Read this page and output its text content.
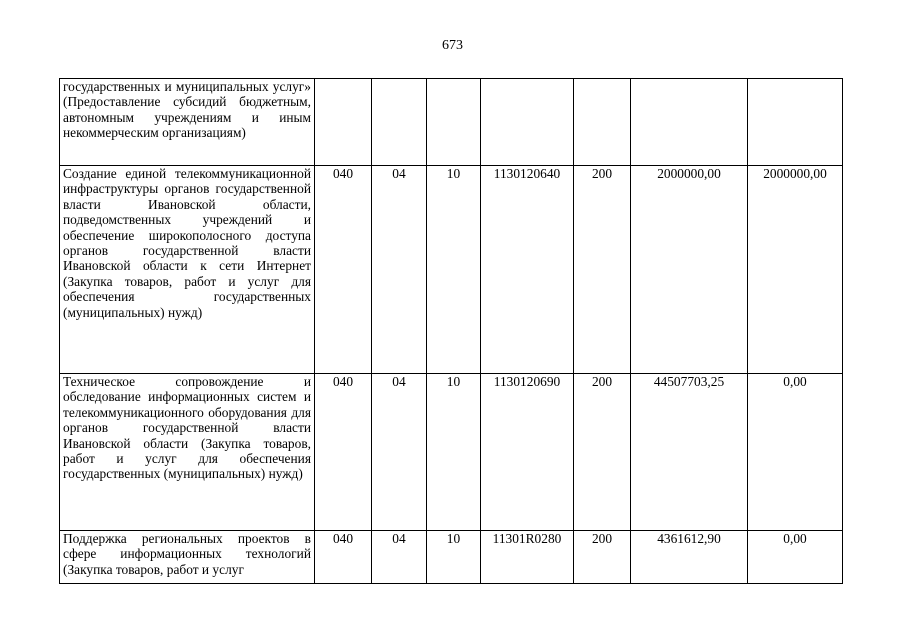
673
государственных и муниципальных услуг» (Предоставление субсидий бюджетным, автономным учреждениям и иным некоммерческим организациям)							
Создание единой телекоммуникационной инфраструктуры органов государственной власти Ивановской области, подведомственных учреждений и обеспечение широкополосного доступа органов государственной власти Ивановской области к сети Интернет (Закупка товаров, работ и услуг для обеспечения государственных (муниципальных) нужд)	040	04	10	1130120640	200	2000000,00	2000000,00
Техническое сопровождение и обследование информационных систем и телекоммуникационного оборудования для органов государственной власти Ивановской области (Закупка товаров, работ и услуг для обеспечения государственных (муниципальных) нужд)	040	04	10	1130120690	200	44507703,25	0,00
Поддержка региональных проектов в сфере информационных технологий (Закупка товаров, работ и услуг	040	04	10	11301R0280	200	4361612,90	0,00
